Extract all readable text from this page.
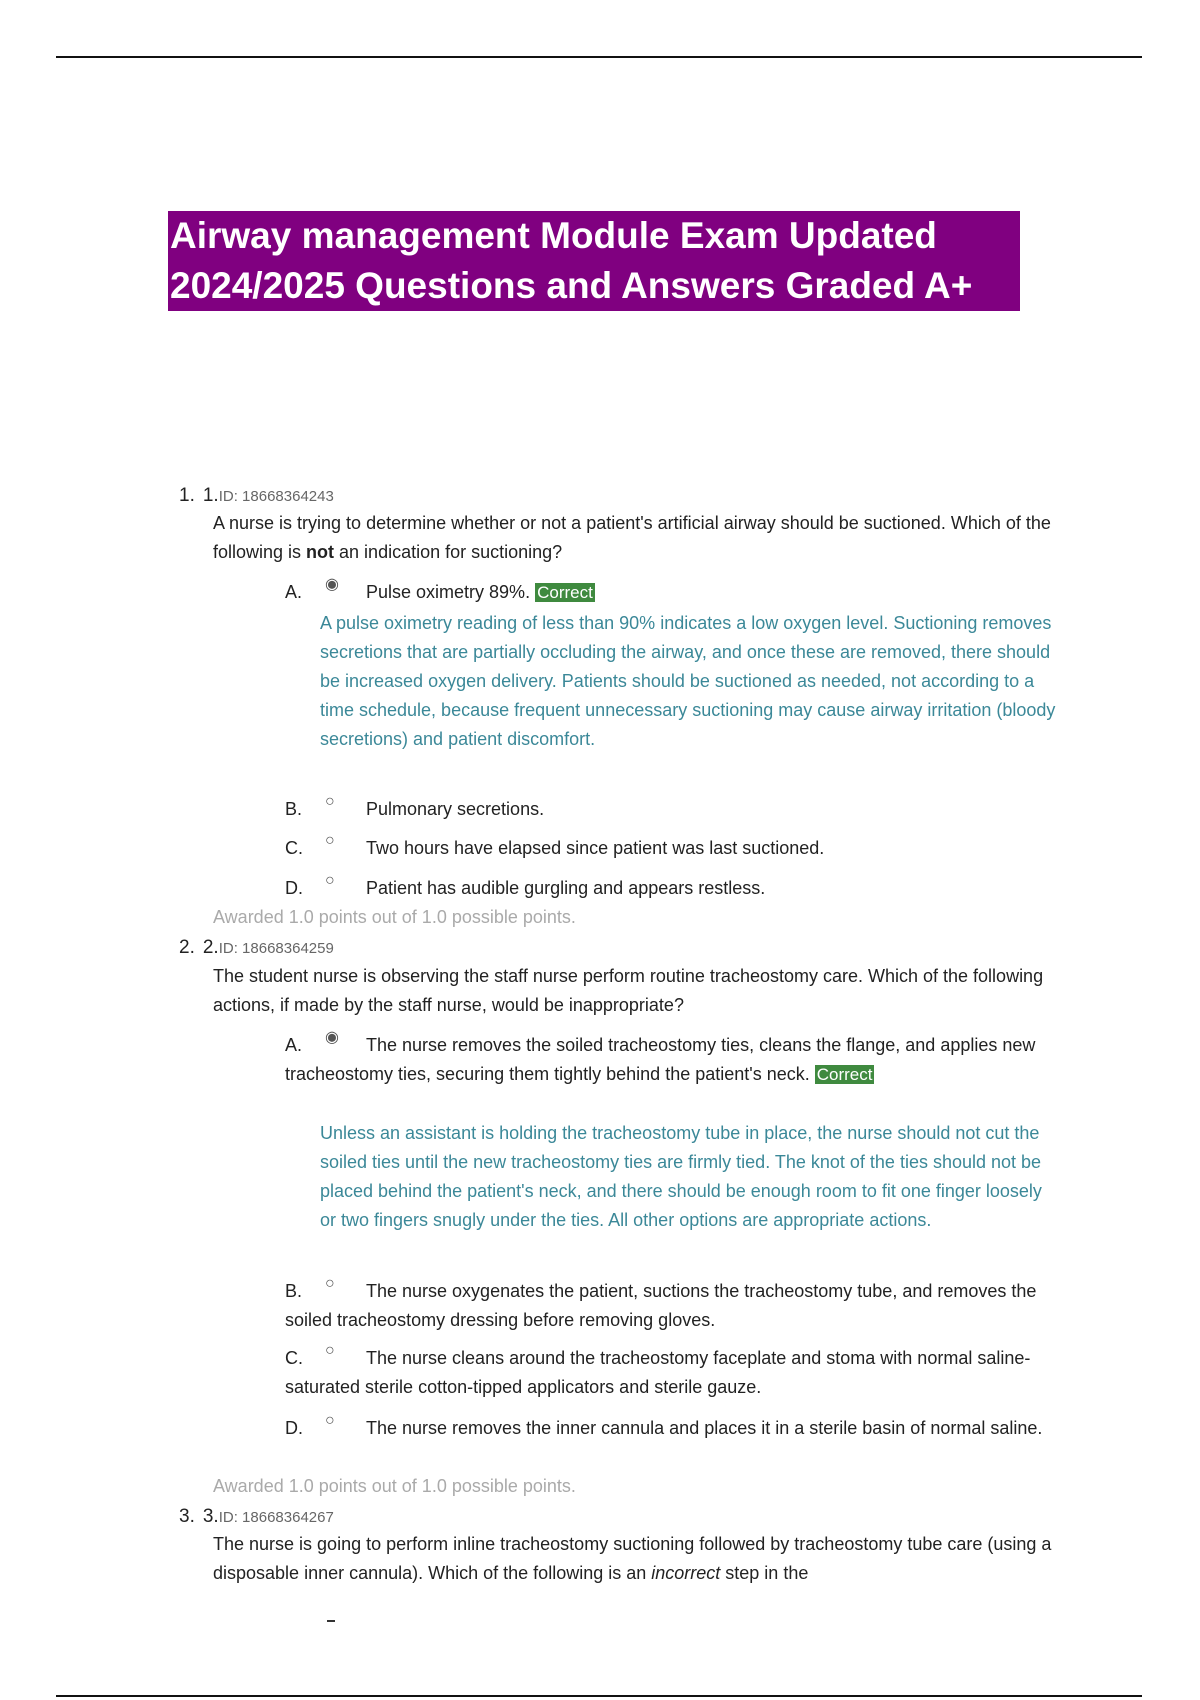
Airway management Module Exam Updated
2024/2025 Questions and Answers Graded A+
1. 1.ID: 18668364243
A nurse is trying to determine whether or not a patient's artificial airway should be suctioned. Which of the following is not an indication for suctioning?
A. ◉ Pulse oximetry 89%. Correct
A pulse oximetry reading of less than 90% indicates a low oxygen level. Suctioning removes secretions that are partially occluding the airway, and once these are removed, there should be increased oxygen delivery. Patients should be suctioned as needed, not according to a time schedule, because frequent unnecessary suctioning may cause airway irritation (bloody secretions) and patient discomfort.
B. ○ Pulmonary secretions.
C. ○ Two hours have elapsed since patient was last suctioned.
D. ○ Patient has audible gurgling and appears restless.
Awarded 1.0 points out of 1.0 possible points.
2. 2.ID: 18668364259
The student nurse is observing the staff nurse perform routine tracheostomy care. Which of the following actions, if made by the staff nurse, would be inappropriate?
A. ◉ The nurse removes the soiled tracheostomy ties, cleans the flange, and applies new tracheostomy ties, securing them tightly behind the patient's neck. Correct
Unless an assistant is holding the tracheostomy tube in place, the nurse should not cut the soiled ties until the new tracheostomy ties are firmly tied. The knot of the ties should not be placed behind the patient's neck, and there should be enough room to fit one finger loosely or two fingers snugly under the ties. All other options are appropriate actions.
B. ○ The nurse oxygenates the patient, suctions the tracheostomy tube, and removes the soiled tracheostomy dressing before removing gloves.
C. ○ The nurse cleans around the tracheostomy faceplate and stoma with normal saline-saturated sterile cotton-tipped applicators and sterile gauze.
D. ○ The nurse removes the inner cannula and places it in a sterile basin of normal saline.
Awarded 1.0 points out of 1.0 possible points.
3. 3.ID: 18668364267
The nurse is going to perform inline tracheostomy suctioning followed by tracheostomy tube care (using a disposable inner cannula). Which of the following is an incorrect step in the
